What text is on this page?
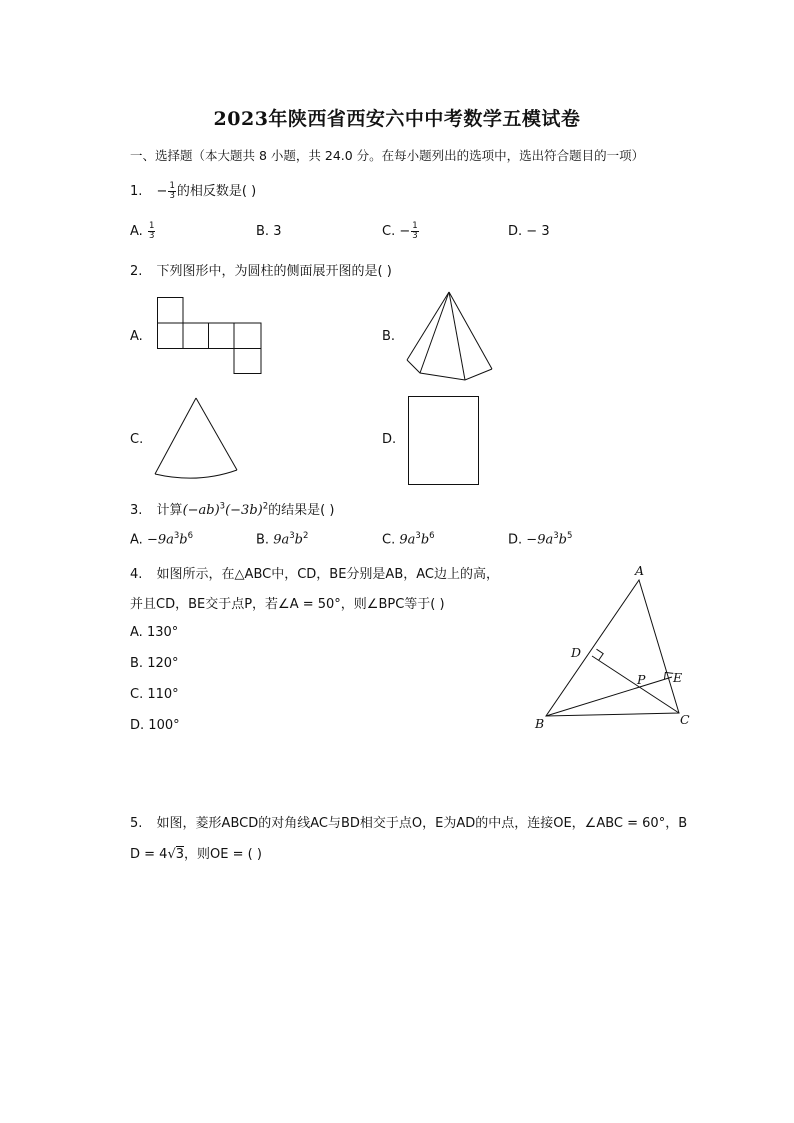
2023年陕西省西安六中中考数学五模试卷
一、选择题（本大题共 8 小题，共 24.0 分。在每小题列出的选项中，选出符合题目的一项）
1. − $\frac{1}{3}$ 的相反数是( )
A. $\frac{1}{3}$	B. 3	C. − $\frac{1}{3}$	D. − 3
2. 下列图形中，为圆柱的侧面展开图的是( )
A.	B.
C.	D.
3. 计算$(-ab)^3(-3b)^2$的结果是( )
A. $-9a^3b^6$	B. $9a^3b^2$	C. $9a^3b^6$	D. $-9a^3b^5$
4. 如图所示，在△ABC中，CD，BE分别是AB，AC边上的高，
并且CD，BE交于点P，若∠A = 50°，则∠BPC等于( )
A. 130°
B. 120°
C. 110°
D. 100°
A
D
P E
B	C
5. 如图，菱形ABCD的对角线AC与BD相交于点O，E为AD的中点，连接OE，∠ABC = 60°，B
D = 4√3，则OE = ( )
